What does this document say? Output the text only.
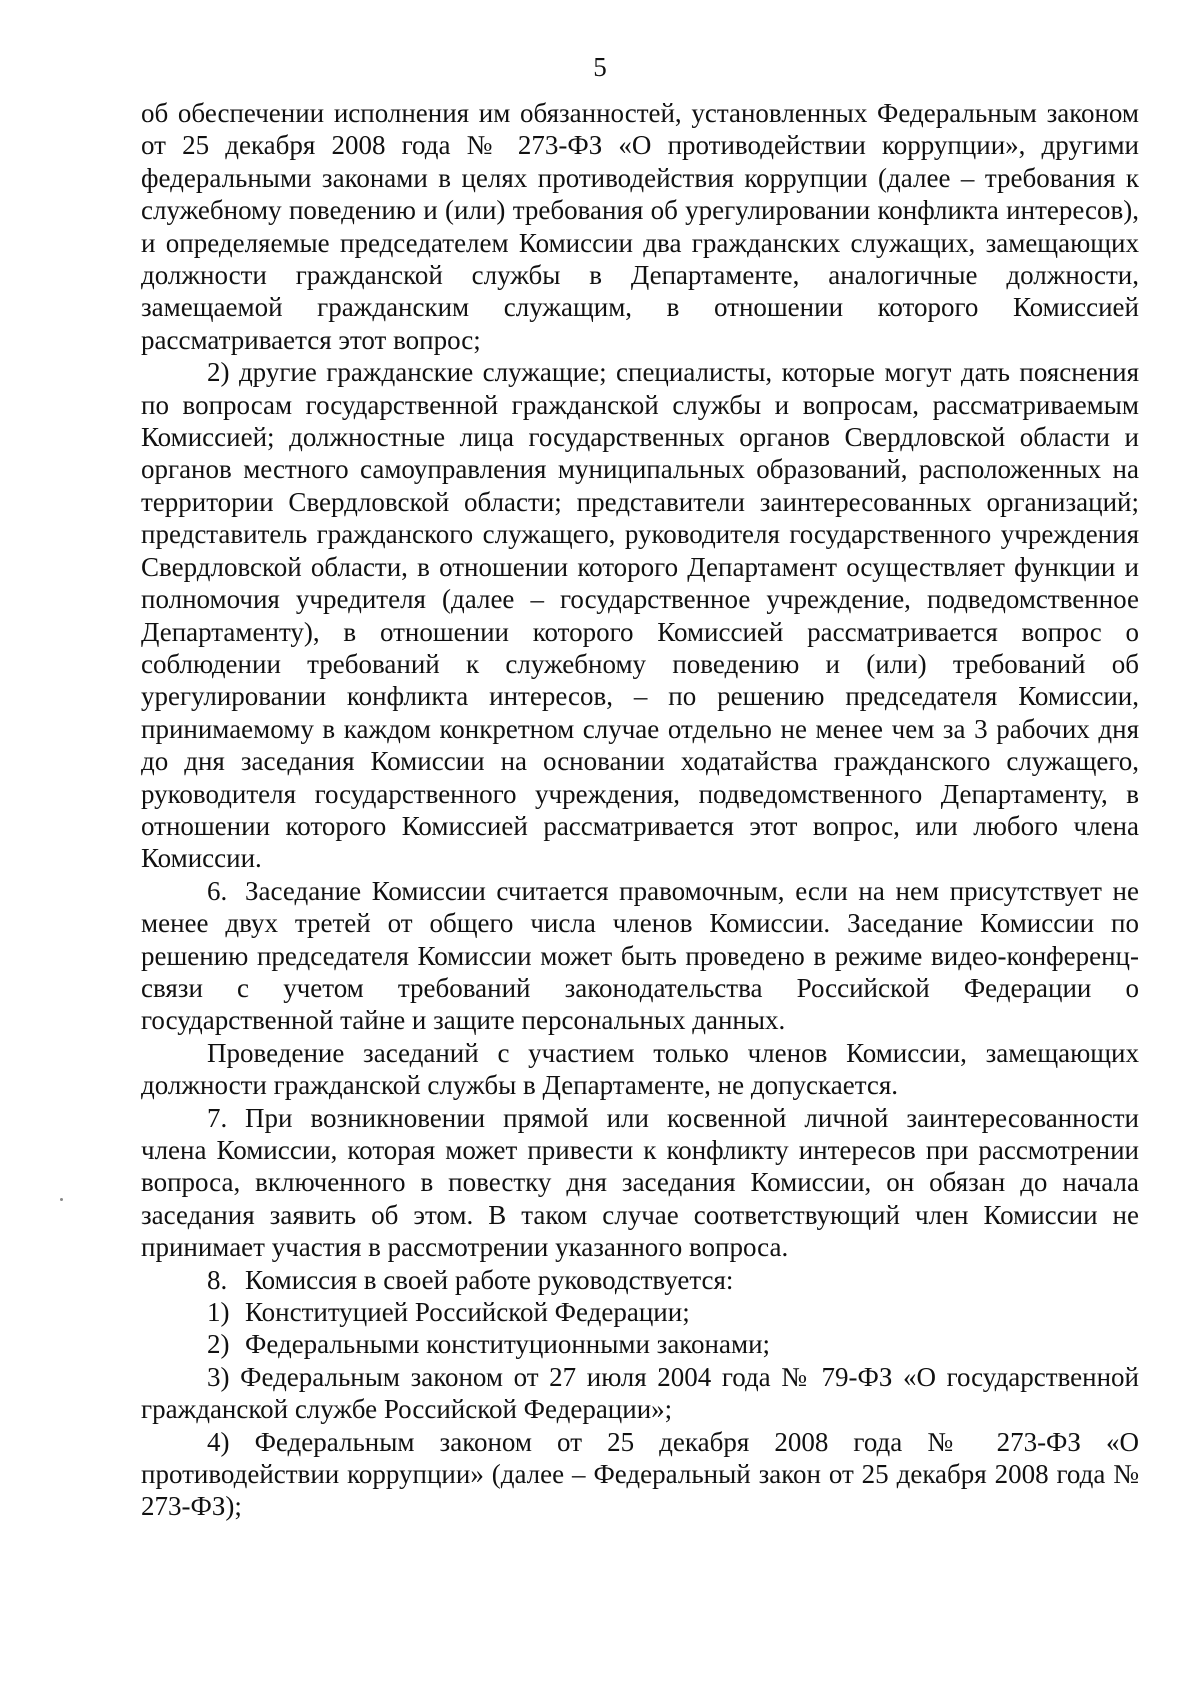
5

об обеспечении исполнения им обязанностей, установленных Федеральным законом от 25 декабря 2008 года № 273-ФЗ «О противодействии коррупции», другими федеральными законами в целях противодействия коррупции (далее – требования к служебному поведению и (или) требования об урегулировании конфликта интересов), и определяемые председателем Комиссии два гражданских служащих, замещающих должности гражданской службы в Департаменте, аналогичные должности, замещаемой гражданским служащим, в отношении которого Комиссией рассматривается этот вопрос;

2) другие гражданские служащие; специалисты, которые могут дать пояснения по вопросам государственной гражданской службы и вопросам, рассматриваемым Комиссией; должностные лица государственных органов Свердловской области и органов местного самоуправления муниципальных образований, расположенных на территории Свердловской области; представители заинтересованных организаций; представитель гражданского служащего, руководителя государственного учреждения Свердловской области, в отношении которого Департамент осуществляет функции и полномочия учредителя (далее – государственное учреждение, подведомственное Департаменту), в отношении которого Комиссией рассматривается вопрос о соблюдении требований к служебному поведению и (или) требований об урегулировании конфликта интересов, – по решению председателя Комиссии, принимаемому в каждом конкретном случае отдельно не менее чем за 3 рабочих дня до дня заседания Комиссии на основании ходатайства гражданского служащего, руководителя государственного учреждения, подведомственного Департаменту, в отношении которого Комиссией рассматривается этот вопрос, или любого члена Комиссии.

6. Заседание Комиссии считается правомочным, если на нем присутствует не менее двух третей от общего числа членов Комиссии. Заседание Комиссии по решению председателя Комиссии может быть проведено в режиме видео-конференц-связи с учетом требований законодательства Российской Федерации о государственной тайне и защите персональных данных.

Проведение заседаний с участием только членов Комиссии, замещающих должности гражданской службы в Департаменте, не допускается.

7. При возникновении прямой или косвенной личной заинтересованности члена Комиссии, которая может привести к конфликту интересов при рассмотрении вопроса, включенного в повестку дня заседания Комиссии, он обязан до начала заседания заявить об этом. В таком случае соответствующий член Комиссии не принимает участия в рассмотрении указанного вопроса.

8. Комиссия в своей работе руководствуется:

1) Конституцией Российской Федерации;

2) Федеральными конституционными законами;

3) Федеральным законом от 27 июля 2004 года № 79-ФЗ «О государственной гражданской службе Российской Федерации»;

4) Федеральным законом от 25 декабря 2008 года № 273-ФЗ «О противодействии коррупции» (далее – Федеральный закон от 25 декабря 2008 года № 273-ФЗ);
